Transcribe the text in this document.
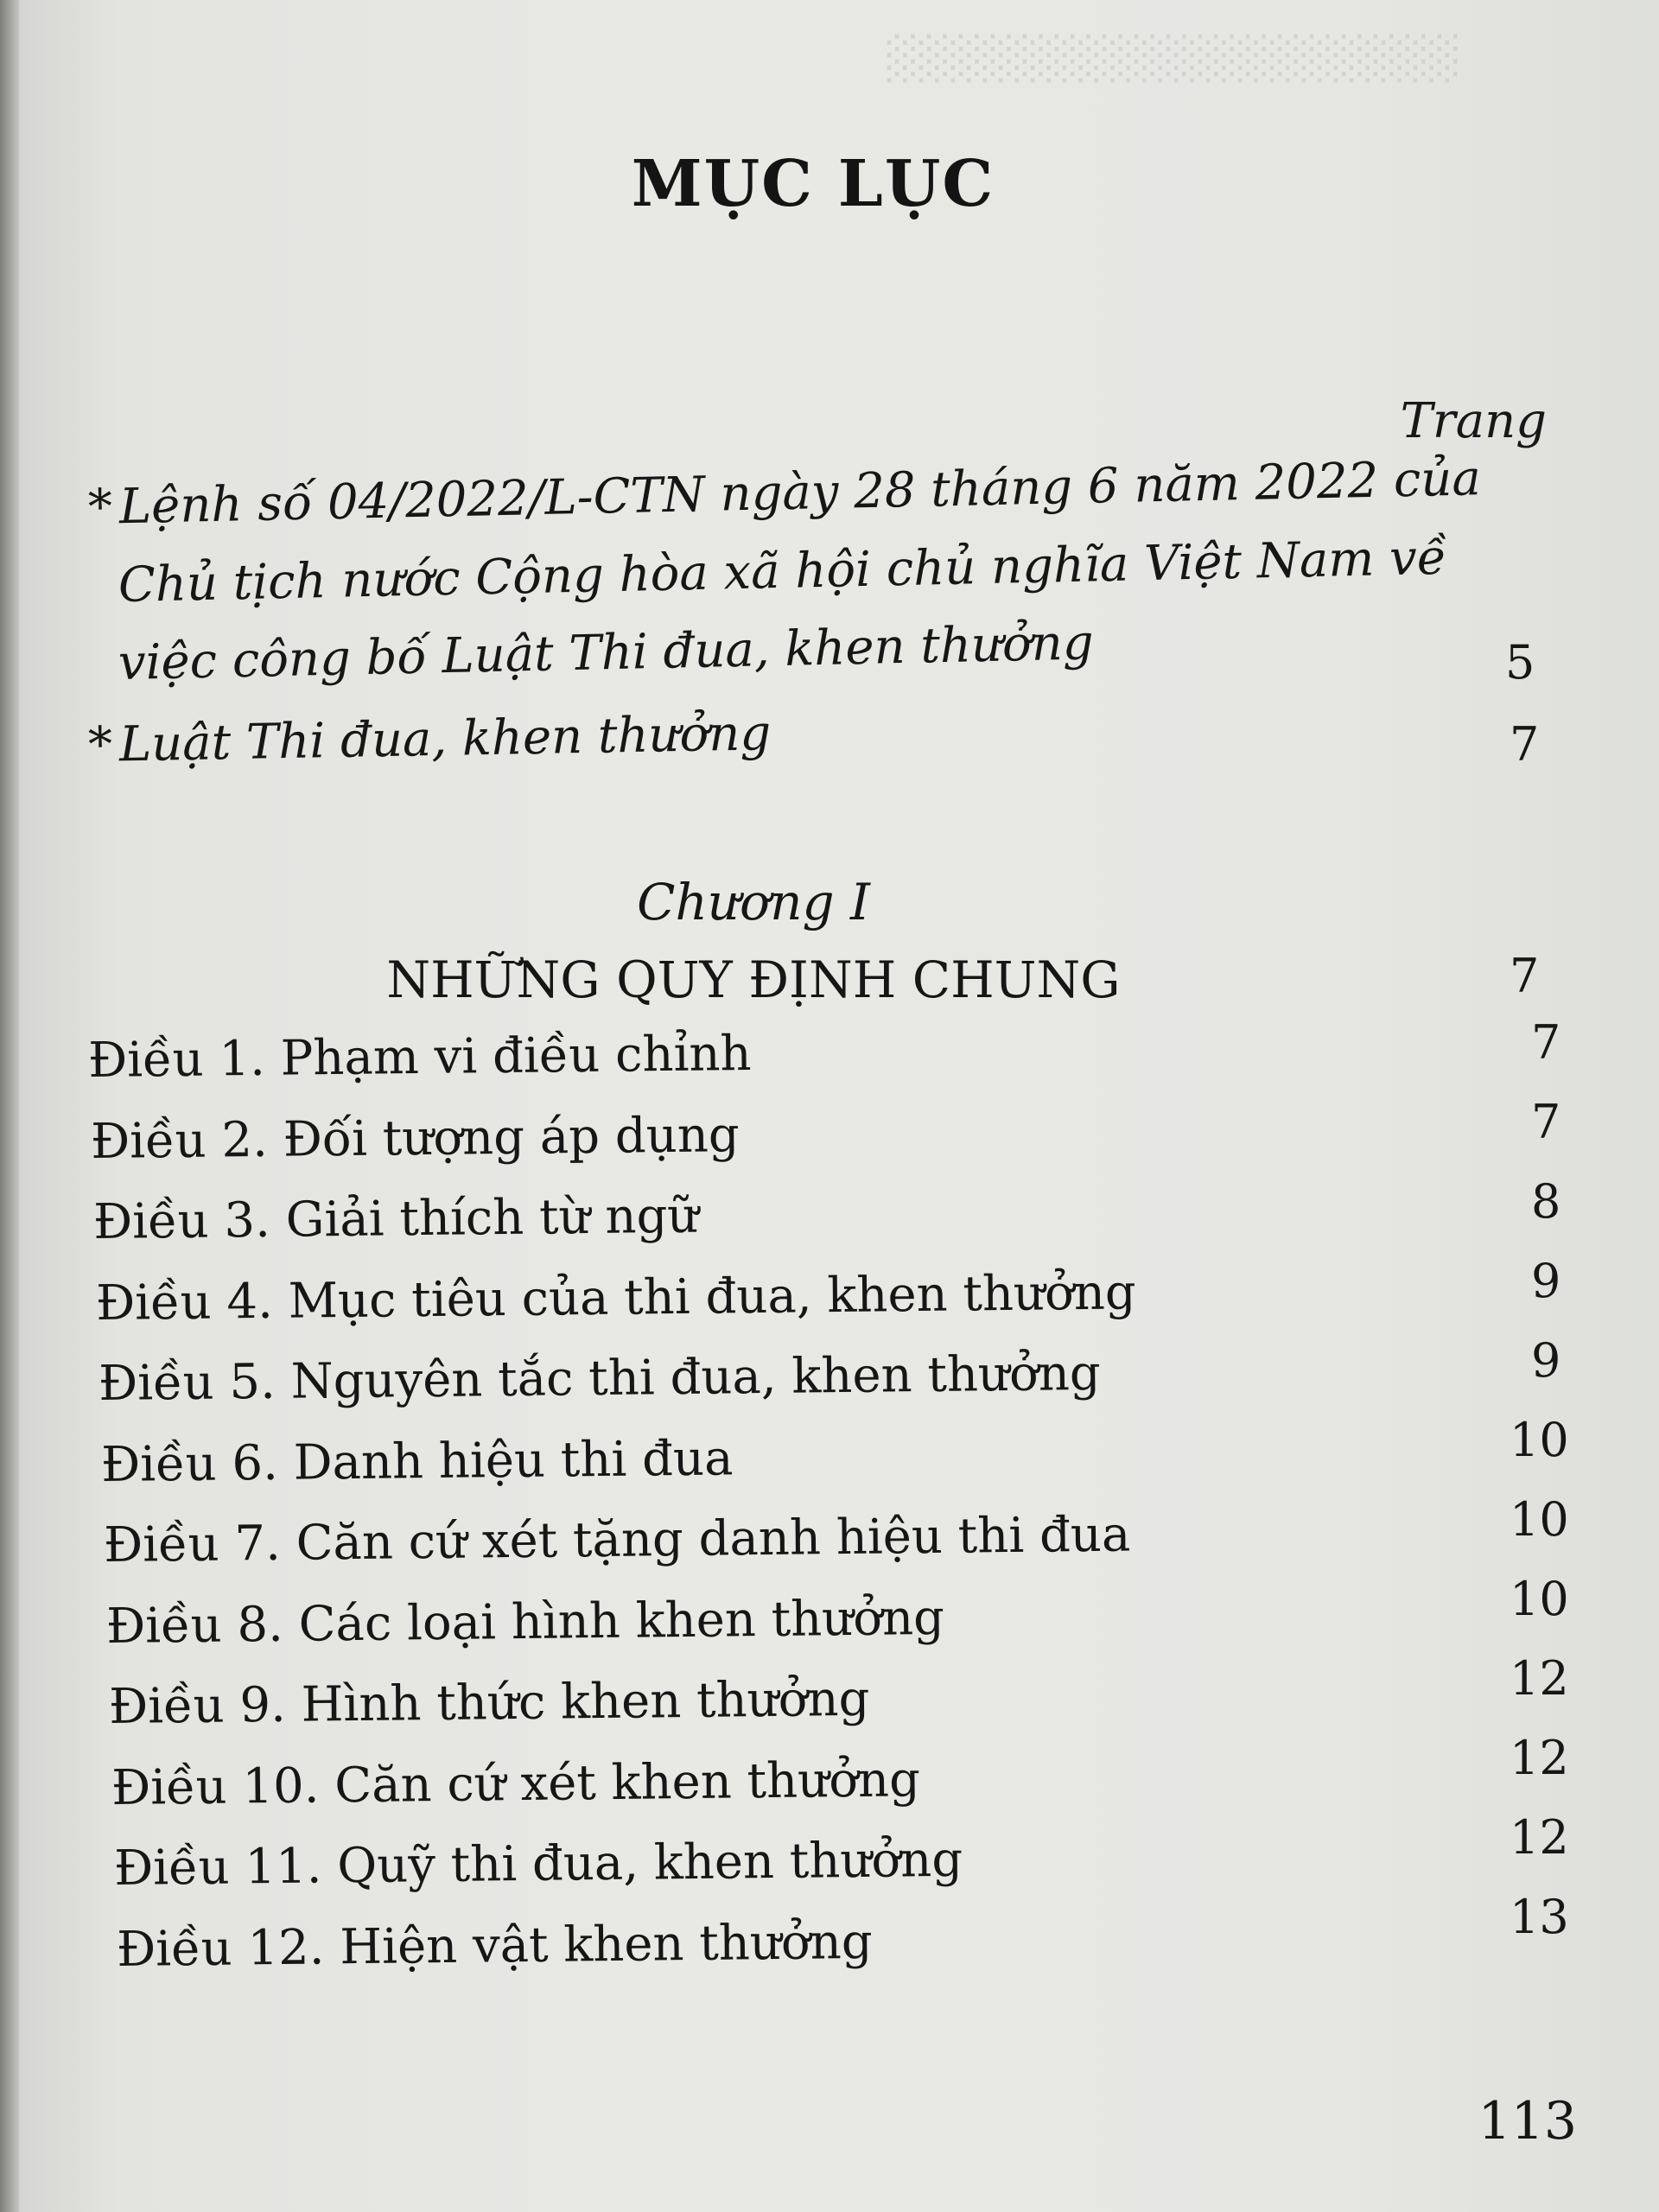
░░░░░░░░░░░░░░░░░░
MỤC LỤC
Trang
* Lệnh số 04/2022/L-CTN ngày 28 tháng 6 năm 2022 của
Chủ tịch nước Cộng hòa xã hội chủ nghĩa Việt Nam về
việc công bố Luật Thi đua, khen thưởng	5
* Luật Thi đua, khen thưởng	7
Chương I
NHỮNG QUY ĐỊNH CHUNG	7
Điều 1. Phạm vi điều chỉnh	7
Điều 2. Đối tượng áp dụng	7
Điều 3. Giải thích từ ngữ	8
Điều 4. Mục tiêu của thi đua, khen thưởng	9
Điều 5. Nguyên tắc thi đua, khen thưởng	9
Điều 6. Danh hiệu thi đua	10
Điều 7. Căn cứ xét tặng danh hiệu thi đua	10
Điều 8. Các loại hình khen thưởng	10
Điều 9. Hình thức khen thưởng	12
Điều 10. Căn cứ xét khen thưởng	12
Điều 11. Quỹ thi đua, khen thưởng	12
Điều 12. Hiện vật khen thưởng	13
113
